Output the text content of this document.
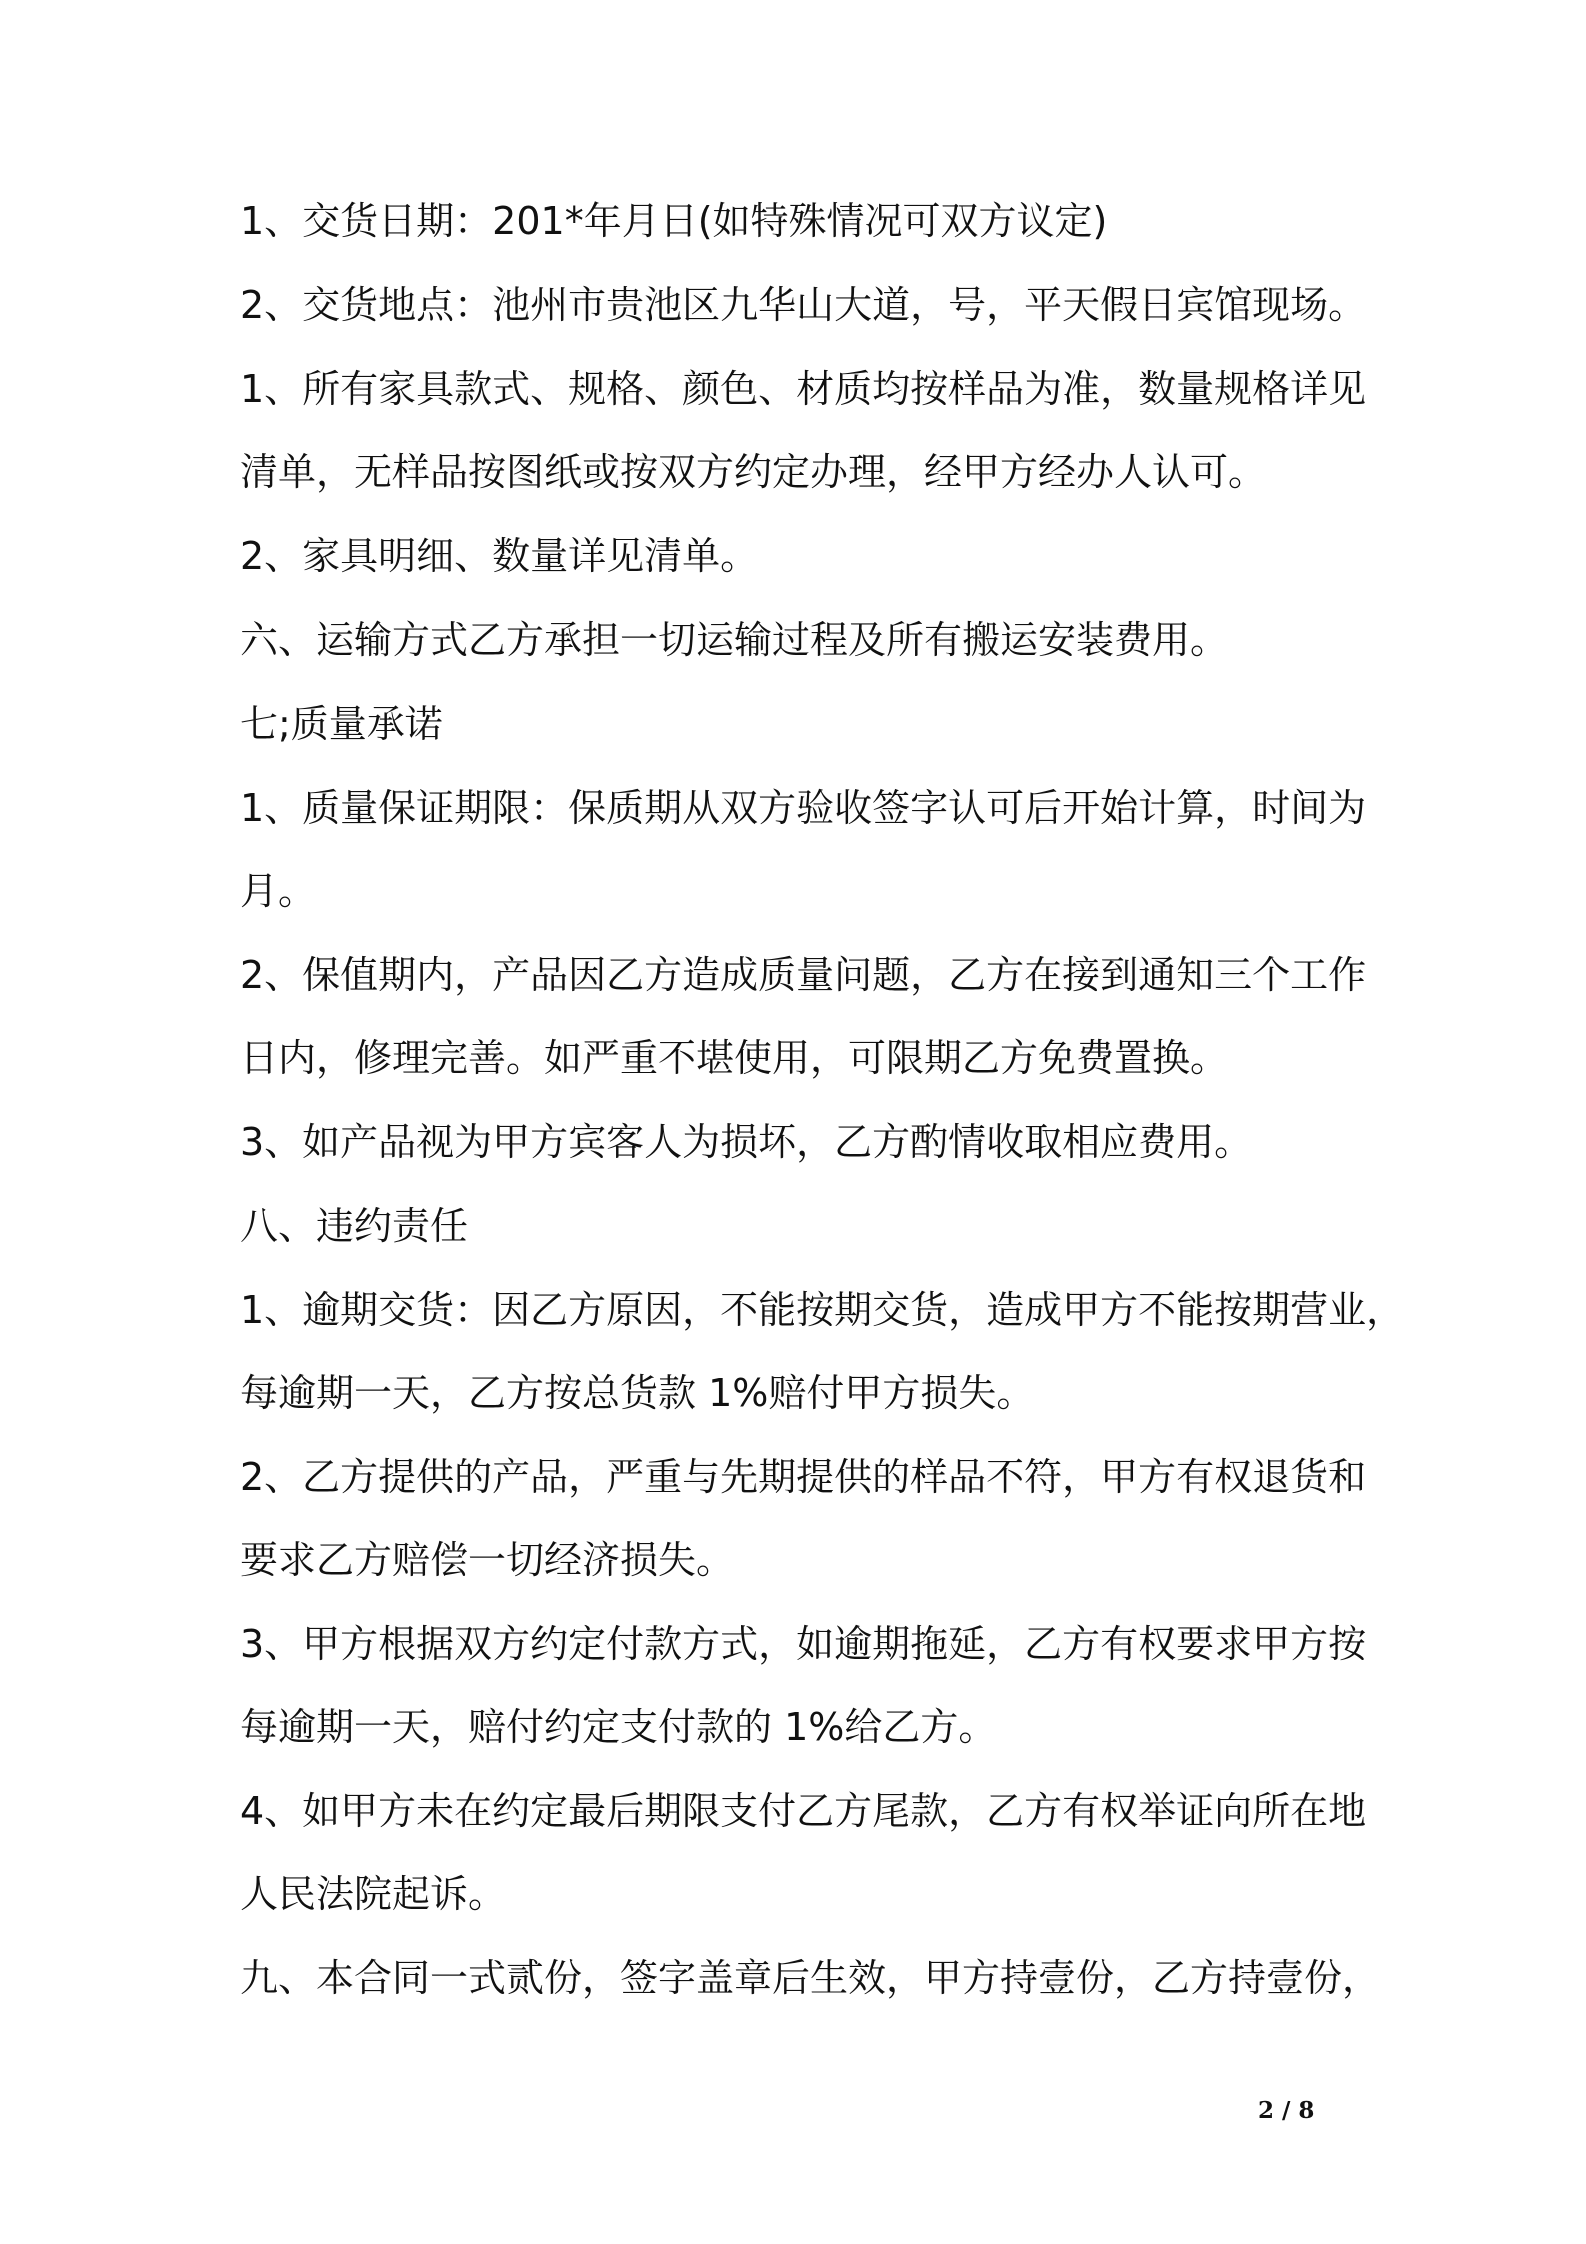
1、交货日期：201*年月日(如特殊情况可双方议定)

2、交货地点：池州市贵池区九华山大道，号，平天假日宾馆现场。

1、所有家具款式、规格、颜色、材质均按样品为准，数量规格详见

清单，无样品按图纸或按双方约定办理，经甲方经办人认可。

2、家具明细、数量详见清单。

六、运输方式乙方承担一切运输过程及所有搬运安装费用。

七;质量承诺

1、质量保证期限：保质期从双方验收签字认可后开始计算，时间为

月。

2、保值期内，产品因乙方造成质量问题，乙方在接到通知三个工作

日内，修理完善。如严重不堪使用，可限期乙方免费置换。

3、如产品视为甲方宾客人为损坏，乙方酌情收取相应费用。

八、违约责任

1、逾期交货：因乙方原因，不能按期交货，造成甲方不能按期营业，

每逾期一天，乙方按总货款 1%赔付甲方损失。

2、乙方提供的产品，严重与先期提供的样品不符，甲方有权退货和

要求乙方赔偿一切经济损失。

3、甲方根据双方约定付款方式，如逾期拖延，乙方有权要求甲方按

每逾期一天，赔付约定支付款的 1%给乙方。

4、如甲方未在约定最后期限支付乙方尾款，乙方有权举证向所在地

人民法院起诉。

九、本合同一式贰份，签字盖章后生效，甲方持壹份，乙方持壹份，

2 / 8
